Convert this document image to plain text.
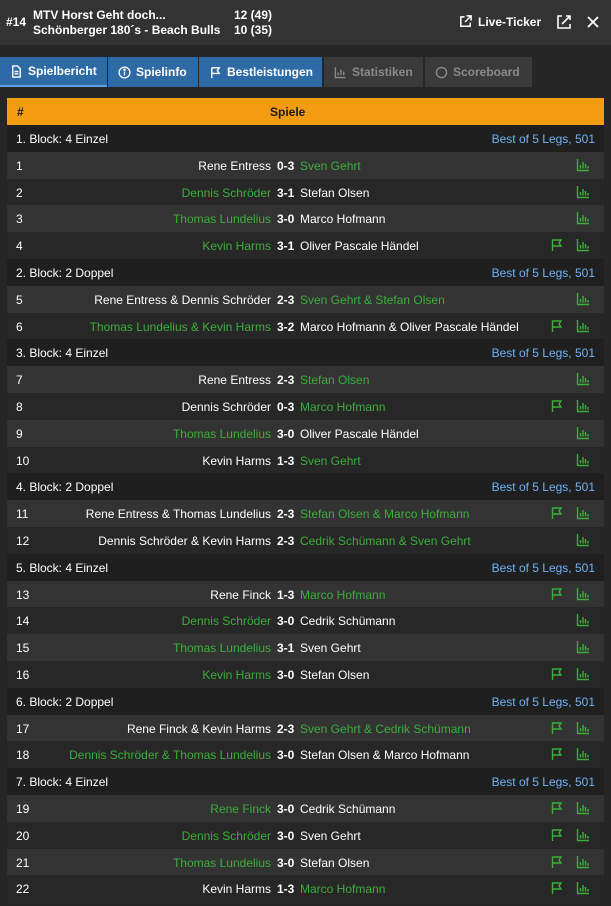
#14 MTV Horst Geht doch...
Schönberger 180´s - Beach Bulls
12 (49)
10 (35)
Live-Ticker
Spielbericht	Spielinfo	Bestleistungen	Statistiken	Scoreboard
#	Spiele
1. Block: 4 Einzel	Best of 5 Legs, 501
1	Rene Entress 0-3 Sven Gehrt
2	Dennis Schröder 3-1 Stefan Olsen
3	Thomas Lundelius 3-0 Marco Hofmann
4	Kevin Harms 3-1 Oliver Pascale Händel
2. Block: 2 Doppel	Best of 5 Legs, 501
5	Rene Entress & Dennis Schröder 2-3 Sven Gehrt & Stefan Olsen
6	Thomas Lundelius & Kevin Harms 3-2 Marco Hofmann & Oliver Pascale Händel
3. Block: 4 Einzel	Best of 5 Legs, 501
7	Rene Entress 2-3 Stefan Olsen
8	Dennis Schröder 0-3 Marco Hofmann
9	Thomas Lundelius 3-0 Oliver Pascale Händel
10	Kevin Harms 1-3 Sven Gehrt
4. Block: 2 Doppel	Best of 5 Legs, 501
11	Rene Entress & Thomas Lundelius 2-3 Stefan Olsen & Marco Hofmann
12	Dennis Schröder & Kevin Harms 2-3 Cedrik Schümann & Sven Gehrt
5. Block: 4 Einzel	Best of 5 Legs, 501
13	Rene Finck 1-3 Marco Hofmann
14	Dennis Schröder 3-0 Cedrik Schümann
15	Thomas Lundelius 3-1 Sven Gehrt
16	Kevin Harms 3-0 Stefan Olsen
6. Block: 2 Doppel	Best of 5 Legs, 501
17	Rene Finck & Kevin Harms 2-3 Sven Gehrt & Cedrik Schümann
18	Dennis Schröder & Thomas Lundelius 3-0 Stefan Olsen & Marco Hofmann
7. Block: 4 Einzel	Best of 5 Legs, 501
19	Rene Finck 3-0 Cedrik Schümann
20	Dennis Schröder 3-0 Sven Gehrt
21	Thomas Lundelius 3-0 Stefan Olsen
22	Kevin Harms 1-3 Marco Hofmann
